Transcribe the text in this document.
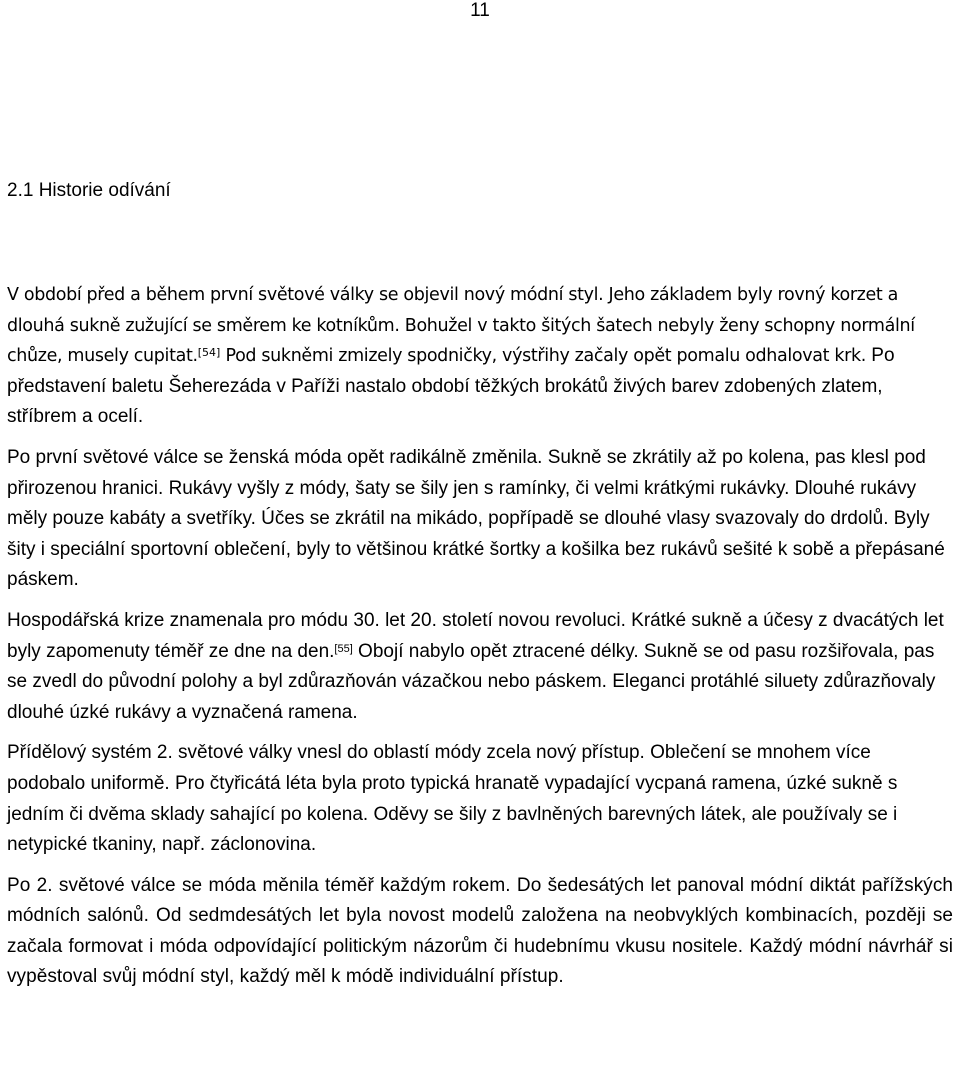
11
2.1 Historie odívání

V období před a během první světové války se objevil nový módní styl. Jeho základem byly rovný korzet a dlouhá sukně zužující se směrem ke kotníkům. Bohužel v takto šitých šatech nebyly ženy schopny normální chůze, musely cupitat.[54] Pod sukněmi zmizely spodničky, výstřihy začaly opět pomalu odhalovat krk. Po představení baletu Šeherezáda v Paříži nastalo období těžkých brokátů živých barev zdobených zlatem, stříbrem a ocelí.

Po první světové válce se ženská móda opět radikálně změnila. Sukně se zkrátily až po kolena, pas klesl pod přirozenou hranici. Rukávy vyšly z módy, šaty se šily jen s ramínky, či velmi krátkými rukávky. Dlouhé rukávy měly pouze kabáty a svetříky. Účes se zkrátil na mikádo, popřípadě se dlouhé vlasy svazovaly do drdolů. Byly šity i speciální sportovní oblečení, byly to většinou krátké šortky a košilka bez rukávů sešité k sobě a přepásané páskem.

Hospodářská krize znamenala pro módu 30. let 20. století novou revoluci. Krátké sukně a účesy z dvacátých let byly zapomenuty téměř ze dne na den.[55] Obojí nabylo opět ztracené délky. Sukně se od pasu rozšiřovala, pas se zvedl do původní polohy a byl zdůrazňován vázačkou nebo páskem. Eleganci protáhlé siluety zdůrazňovaly dlouhé úzké rukávy a vyznačená ramena.

Přídělový systém 2. světové války vnesl do oblastí módy zcela nový přístup. Oblečení se mnohem více podobalo uniformě. Pro čtyřicátá léta byla proto typická hranatě vypadající vycpaná ramena, úzké sukně s jedním či dvěma sklady sahající po kolena. Oděvy se šily z bavlněných barevných látek, ale používaly se i netypické tkaniny, např. záclonovina.

Po 2. světové válce se móda měnila téměř každým rokem. Do šedesátých let panoval módní diktát pařížských módních salónů. Od sedmdesátých let byla novost modelů založena na neobvyklých kombinacích, později se začala formovat i móda odpovídající politickým názorům či hudebnímu vkusu nositele. Každý módní návrhář si vypěstoval svůj módní styl, každý měl k módě individuální přístup.
